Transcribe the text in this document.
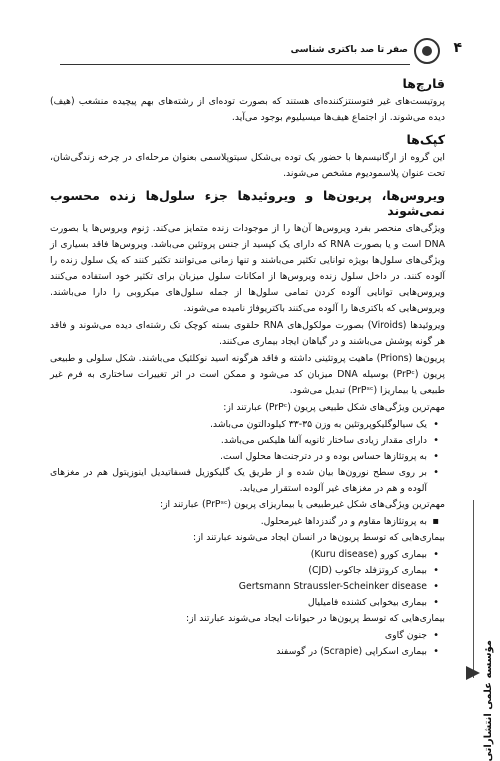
۴
صفر تا صد باکتری شناسی
قارچ‌ها

پروتیست‌های غیر فتوسنتزکننده‌ای هستند که بصورت توده‌ای از رشته‌های بهم پیچیده منشعب (هیف) دیده می‌شوند. از اجتماع هیف‌ها میسیلیوم بوجود می‌آید.

کپک‌ها

این گروه از ارگانیسم‌ها با حضور یک توده بی‌شکل سیتوپلاسمی بعنوان مرحله‌ای در چرخه زندگی‌شان، تحت عنوان پلاسمودیوم مشخص می‌شوند.

ویروس‌ها، پریون‌ها و ویروئیدها جزء سلول‌ها زنده محسوب نمی‌شوند

ویژگی‌های منحصر بفرد ویروس‌ها آن‌ها را از موجودات زنده متمایز می‌کند. ژنوم ویروس‌ها یا بصورت DNA است و یا بصورت RNA که دارای یک کپسید از جنس پروتئین می‌باشد. ویروس‌ها فاقد بسیاری از ویژگی‌های سلول‌ها بویژه توانایی تکثیر می‌باشند و تنها زمانی می‌توانند تکثیر کنند که یک سلول زنده را آلوده کنند. در داخل سلول زنده ویروس‌ها از امکانات سلول میزبان برای تکثیر خود استفاده می‌کنند ویروس‌هایی توانایی آلوده کردن تمامی سلول‌ها از جمله سلول‌های میکروبی را دارا می‌باشند. ویروس‌هایی که باکتری‌ها را آلوده می‌کنند باکتریوفاژ نامیده می‌شوند.

ویروئیدها (Viroids) بصورت مولکول‌های RNA حلقوی بسته کوچک تک رشته‌ای دیده می‌شوند و فاقد هر گونه پوشش می‌باشند و در گیاهان ایجاد بیماری می‌کنند.

پریون‌ها (Prions) ماهیت پروتئینی داشته و فاقد هرگونه اسید نوکلئیک می‌باشند. شکل سلولی و طبیعی پریون (PrPᶜ) بوسیله DNA میزبان کد می‌شود و ممکن است در اثر تغییرات ساختاری به فرم غیر طبیعی یا بیماریزا (PrPˢᶜ) تبدیل می‌شود.

مهم‌ترین ویژگی‌های شکل طبیعی پریون (PrPᶜ) عبارتند از:

• یک سیالوگلیکوپروتئین به وزن ۳۵-۳۳ کیلودالتون می‌باشد.
• دارای مقدار زیادی ساختار ثانویه آلفا هلیکس می‌باشد.
• به پروتئازها حساس بوده و در دترجنت‌ها محلول است.
• بر روی سطح نورون‌ها بیان شده و از طریق یک گلیکوزیل فسفاتیدیل اینوزیتول هم در مغزهای آلوده و هم در مغزهای غیر آلوده استقرار می‌یابد.

مهم‌ترین ویژگی‌های شکل غیرطبیعی یا بیماریزای پریون (PrPˢᶜ) عبارتند از:

▪ به پروتئازها مقاوم و در گندزداها غیرمحلول.

بیماری‌هایی که توسط پریون‌ها در انسان ایجاد می‌شوند عبارتند از:

• بیماری کورو (Kuru disease)
• بیماری کروتزفلد جاکوب (CJD)
• Gertsmann Straussler-Scheinker disease
• بیماری بیخوابی کشنده فامیلیال

بیماری‌هایی که توسط پریون‌ها در حیوانات ایجاد می‌شوند عبارتند از:

• جنون گاوی
• بیماری اسکراپی (Scrapie) در گوسفند	مؤسسه علمی انتشاراتی
